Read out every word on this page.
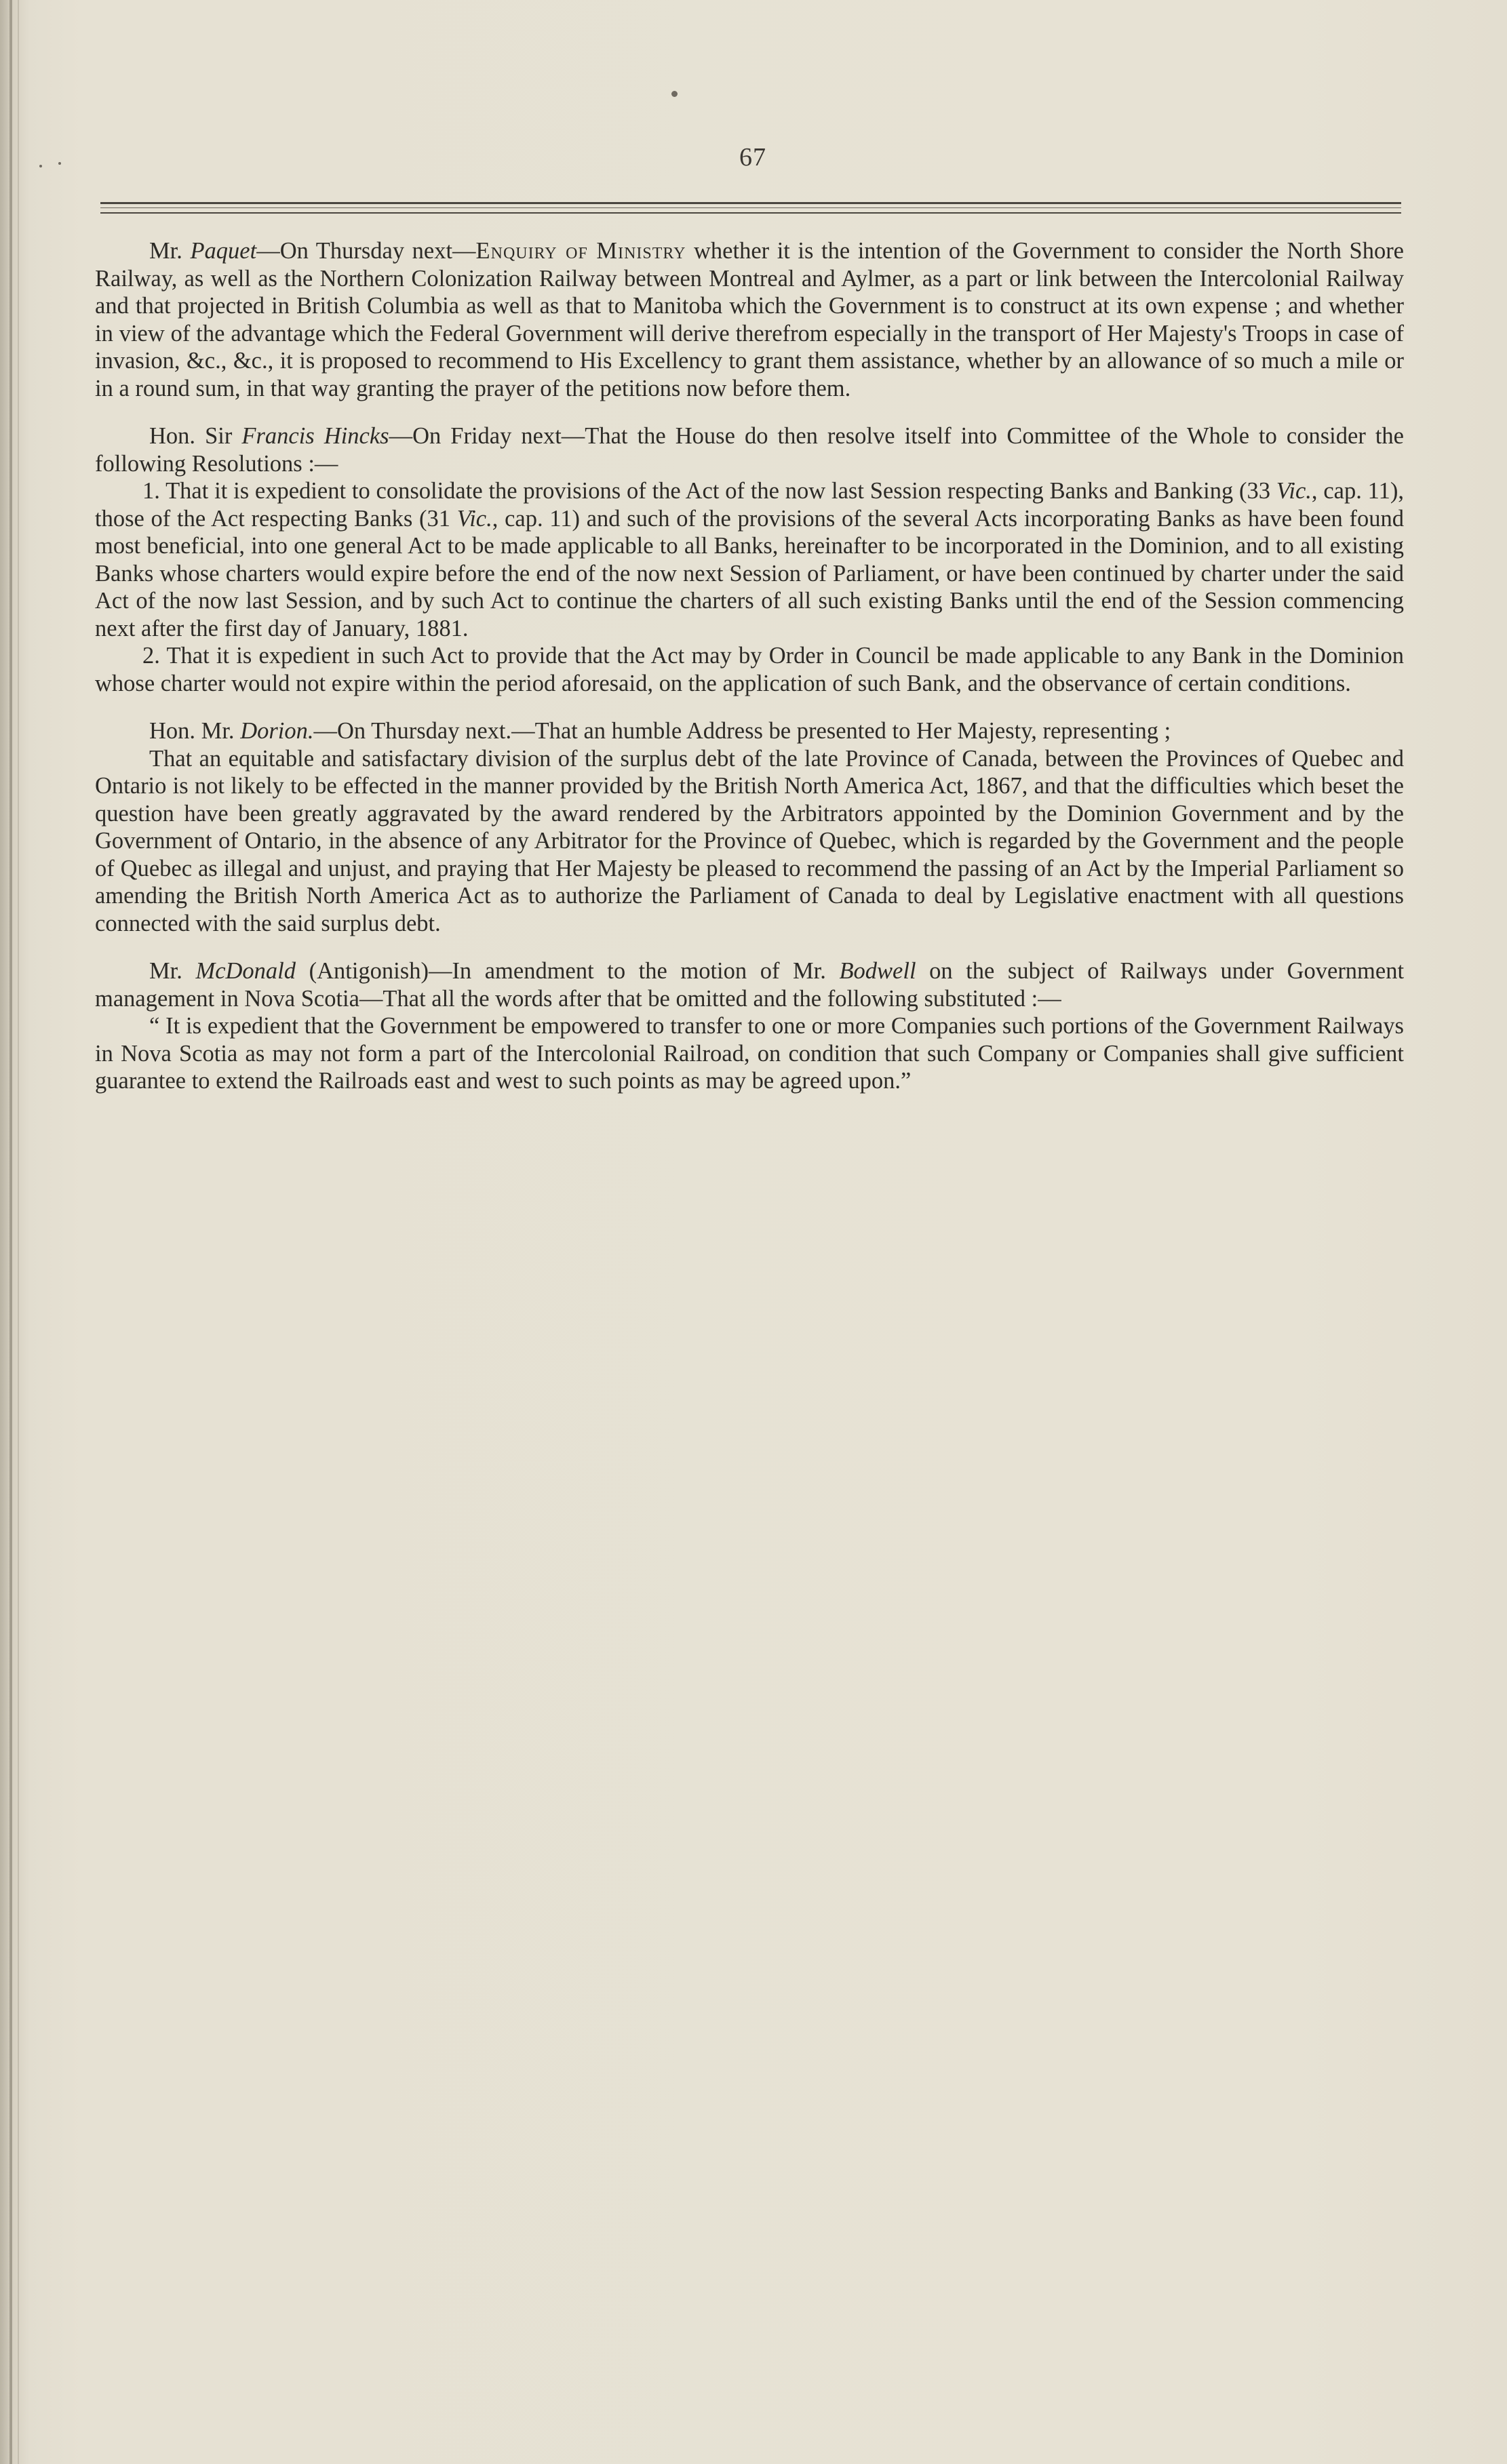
67

Mr. Paquet—On Thursday next—Enquiry of Ministry whether it is the intention of the Government to consider the North Shore Railway, as well as the Northern Colonization Railway between Montreal and Aylmer, as a part or link between the Intercolonial Railway and that projected in British Columbia as well as that to Manitoba which the Government is to construct at its own expense ; and whether in view of the advantage which the Federal Government will derive therefrom especially in the transport of Her Majesty's Troops in case of invasion, &c., &c., it is proposed to recommend to His Excellency to grant them assistance, whether by an allowance of so much a mile or in a round sum, in that way granting the prayer of the petitions now before them.

Hon. Sir Francis Hincks—On Friday next—That the House do then resolve itself into Committee of the Whole to consider the following Resolutions :—

1. That it is expedient to consolidate the provisions of the Act of the now last Session respecting Banks and Banking (33 Vic., cap. 11), those of the Act respecting Banks (31 Vic., cap. 11) and such of the provisions of the several Acts incorporating Banks as have been found most beneficial, into one general Act to be made applicable to all Banks, hereinafter to be incorporated in the Dominion, and to all existing Banks whose charters would expire before the end of the now next Session of Parliament, or have been continued by charter under the said Act of the now last Session, and by such Act to continue the charters of all such existing Banks until the end of the Session commencing next after the first day of January, 1881.

2. That it is expedient in such Act to provide that the Act may by Order in Council be made applicable to any Bank in the Dominion whose charter would not expire within the period aforesaid, on the application of such Bank, and the observance of certain conditions.

Hon. Mr. Dorion.—On Thursday next.—That an humble Address be presented to Her Majesty, representing ;

That an equitable and satisfactary division of the surplus debt of the late Province of Canada, between the Provinces of Quebec and Ontario is not likely to be effected in the manner provided by the British North America Act, 1867, and that the difficulties which beset the question have been greatly aggravated by the award rendered by the Arbitrators appointed by the Dominion Government and by the Government of Ontario, in the absence of any Arbitrator for the Province of Quebec, which is regarded by the Government and the people of Quebec as illegal and unjust, and praying that Her Majesty be pleased to recommend the passing of an Act by the Imperial Parliament so amending the British North America Act as to authorize the Parliament of Canada to deal by Legislative enactment with all questions connected with the said surplus debt.

Mr. McDonald (Antigonish)—In amendment to the motion of Mr. Bodwell on the subject of Railways under Government management in Nova Scotia—That all the words after that be omitted and the following substituted :—

“ It is expedient that the Government be empowered to transfer to one or more Companies such portions of the Government Railways in Nova Scotia as may not form a part of the Intercolonial Railroad, on condition that such Company or Companies shall give sufficient guarantee to extend the Railroads east and west to such points as may be agreed upon.”
